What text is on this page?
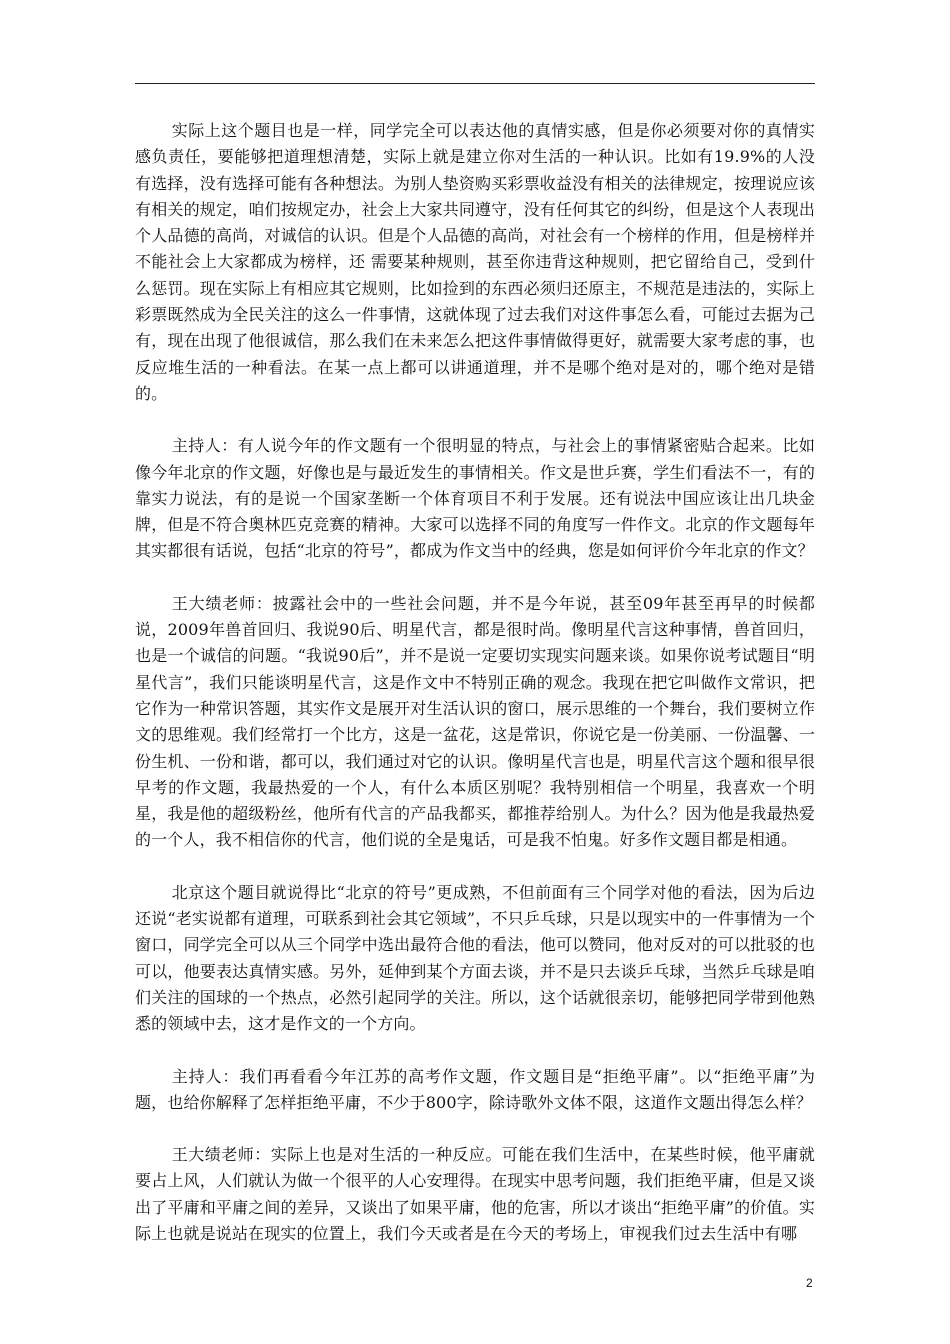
实际上这个题目也是一样，同学完全可以表达他的真情实感，但是你必须要对你的真情实感负责任，要能够把道理想清楚，实际上就是建立你对生活的一种认识。比如有19.9%的人没有选择，没有选择可能有各种想法。为别人垫资购买彩票收益没有相关的法律规定，按理说应该有相关的规定，咱们按规定办，社会上大家共同遵守，没有任何其它的纠纷，但是这个人表现出个人品德的高尚，对诚信的认识。但是个人品德的高尚，对社会有一个榜样的作用，但是榜样并不能社会上大家都成为榜样，还 需要某种规则，甚至你违背这种规则，把它留给自己，受到什么惩罚。现在实际上有相应其它规则，比如捡到的东西必须归还原主，不规范是违法的，实际上彩票既然成为全民关注的这么一件事情，这就体现了过去我们对这件事怎么看，可能过去据为己有，现在出现了他很诚信，那么我们在未来怎么把这件事情做得更好，就需要大家考虑的事，也反应堆生活的一种看法。在某一点上都可以讲通道理，并不是哪个绝对是对的，哪个绝对是错的。

主持人：有人说今年的作文题有一个很明显的特点，与社会上的事情紧密贴合起来。比如像今年北京的作文题，好像也是与最近发生的事情相关。作文是世乒赛，学生们看法不一，有的靠实力说法，有的是说一个国家垄断一个体育项目不利于发展。还有说法中国应该让出几块金牌，但是不符合奥林匹克竞赛的精神。大家可以选择不同的角度写一件作文。北京的作文题每年其实都很有话说，包括“北京的符号”，都成为作文当中的经典，您是如何评价今年北京的作文？

王大绩老师：披露社会中的一些社会问题，并不是今年说，甚至09年甚至再早的时候都说，2009年兽首回归、我说90后、明星代言，都是很时尚。像明星代言这种事情，兽首回归，也是一个诚信的问题。“我说90后”，并不是说一定要切实现实问题来谈。如果你说考试题目“明星代言”，我们只能谈明星代言，这是作文中不特别正确的观念。我现在把它叫做作文常识，把它作为一种常识答题，其实作文是展开对生活认识的窗口，展示思维的一个舞台，我们要树立作文的思维观。我们经常打一个比方，这是一盆花，这是常识，你说它是一份美丽、一份温馨、一份生机、一份和谐，都可以，我们通过对它的认识。像明星代言也是，明星代言这个题和很早很早考的作文题，我最热爱的一个人，有什么本质区别呢？我特别相信一个明星，我喜欢一个明星，我是他的超级粉丝，他所有代言的产品我都买，都推荐给别人。为什么？因为他是我最热爱的一个人，我不相信你的代言，他们说的全是鬼话，可是我不怕鬼。好多作文题目都是相通。

北京这个题目就说得比“北京的符号”更成熟，不但前面有三个同学对他的看法，因为后边还说“老实说都有道理，可联系到社会其它领域”，不只乒乓球，只是以现实中的一件事情为一个窗口，同学完全可以从三个同学中选出最符合他的看法，他可以赞同，他对反对的可以批驳的也可以，他要表达真情实感。另外，延伸到某个方面去谈，并不是只去谈乒乓球，当然乒乓球是咱们关注的国球的一个热点，必然引起同学的关注。所以，这个话就很亲切，能够把同学带到他熟悉的领域中去，这才是作文的一个方向。

主持人：我们再看看今年江苏的高考作文题，作文题目是“拒绝平庸”。以“拒绝平庸”为题，也给你解释了怎样拒绝平庸，不少于800字，除诗歌外文体不限，这道作文题出得怎么样？

王大绩老师：实际上也是对生活的一种反应。可能在我们生活中，在某些时候，他平庸就要占上风，人们就认为做一个很平的人心安理得。在现实中思考问题，我们拒绝平庸，但是又谈出了平庸和平庸之间的差异，又谈出了如果平庸，他的危害，所以才谈出“拒绝平庸”的价值。实际上也就是说站在现实的位置上，我们今天或者是在今天的考场上，审视我们过去生活中有哪

2
